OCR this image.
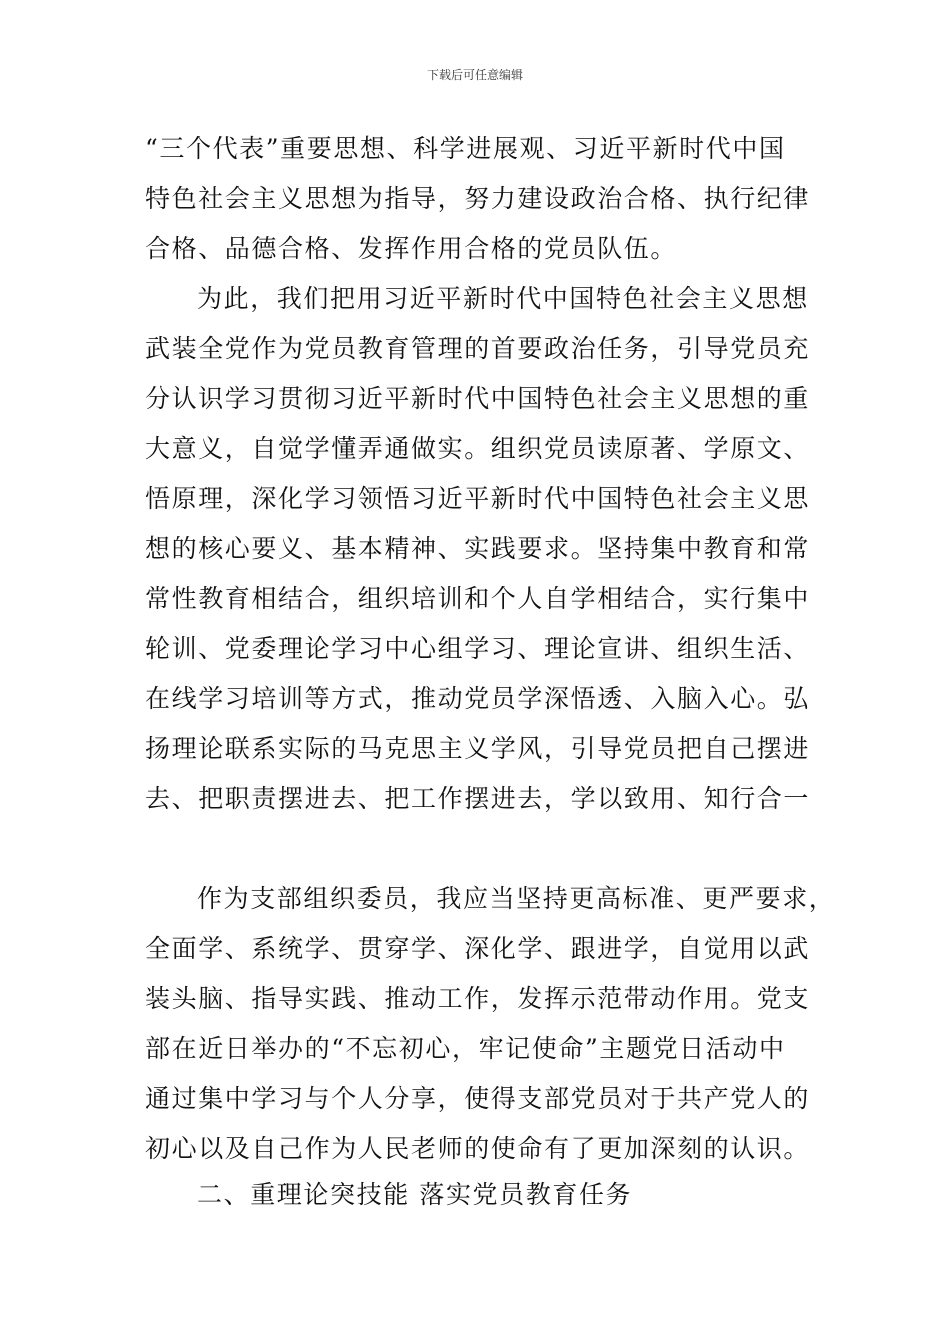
下载后可任意编辑
“三个代表”重要思想、科学进展观、习近平新时代中国
特色社会主义思想为指导，努力建设政治合格、执行纪律
合格、品德合格、发挥作用合格的党员队伍。
为此，我们把用习近平新时代中国特色社会主义思想
武装全党作为党员教育管理的首要政治任务，引导党员充
分认识学习贯彻习近平新时代中国特色社会主义思想的重
大意义，自觉学懂弄通做实。组织党员读原著、学原文、
悟原理，深化学习领悟习近平新时代中国特色社会主义思
想的核心要义、基本精神、实践要求。坚持集中教育和常
常性教育相结合，组织培训和个人自学相结合，实行集中
轮训、党委理论学习中心组学习、理论宣讲、组织生活、
在线学习培训等方式，推动党员学深悟透、入脑入心。弘
扬理论联系实际的马克思主义学风，引导党员把自己摆进
去、把职责摆进去、把工作摆进去，学以致用、知行合一
作为支部组织委员，我应当坚持更高标准、更严要求，
全面学、系统学、贯穿学、深化学、跟进学，自觉用以武
装头脑、指导实践、推动工作，发挥示范带动作用。党支
部在近日举办的“不忘初心，牢记使命”主题党日活动中
通过集中学习与个人分享，使得支部党员对于共产党人的
初心以及自己作为人民老师的使命有了更加深刻的认识。
二、重理论突技能 落实党员教育任务
